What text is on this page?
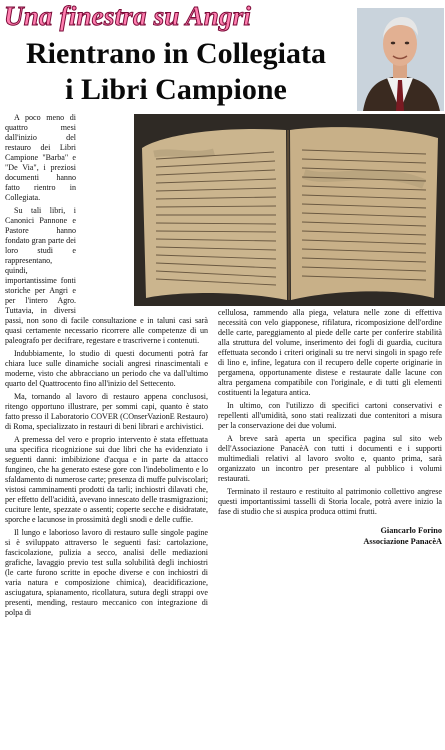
Una finestra su Angri
Rientrano in Collegiata
i Libri Campione

A poco meno di quattro mesi dall'inizio del restauro dei Libri Campione "Barba" e "De Via", i preziosi documenti hanno fatto rientro in Collegiata.

Su tali libri, i Canonici Pannone e Pastore hanno fondato gran parte dei loro studi e rappresentano, quindi, importantissime fonti storiche per Angri e per l'intero Agro. Tuttavia, in diversi passi, non sono di facile consultazione e in taluni casi sarà quasi certamente necessario ricorrere alle competenze di un paleografo per decifrare, regestare e trascriverne i contenuti.

Indubbiamente, lo studio di questi documenti potrà far chiara luce sulle dinamiche sociali angresi rinascimentali e moderne, visto che abbracciano un periodo che va dall'ultimo quarto del Quattrocento fino all'inizio del Settecento.

Ma, tornando al lavoro di restauro appena conclusosi, ritengo opportuno illustrare, per sommi capi, quanto è stato fatto presso il Laboratorio COVER (COnserVazionE Restauro) di Roma, specializzato in restauri di beni librari e archivistici.

A premessa del vero e proprio intervento è stata effettuata una specifica ricognizione sui due libri che ha evidenziato i seguenti danni: imbibizione d'acqua e in parte da attacco fungineo, che ha generato estese gore con l'indebolimento e lo sfaldamento di numerose carte; presenza di muffe pulviscolari; vistosi camminamenti prodotti da tarli; inchiostri dilavati che, per effetto dell'acidità, avevano innescato delle trasmigrazioni; cuciture lente, spezzate o assenti; coperte secche e disidratate, sporche e lacunose in prossimità degli snodi e delle cuffie.

Il lungo e laborioso lavoro di restauro sulle singole pagine si è sviluppato attraverso le seguenti fasi: cartolazione, fascicolazione, pulizia a secco, analisi delle mediazioni grafiche, lavaggio previo test sulla solubilità degli inchiostri (le carte furono scritte in epoche diverse e con inchiostri di varia natura e composizione chimica), deacidificazione, asciugatura, spianamento, ricollatura, sutura degli strappi ove presenti, mending, restauro meccanico con integrazione di polpa di

cellulosa, rammendo alla piega, velatura nelle zone di effettiva necessità con velo giapponese, rifilatura, ricomposizione dell'ordine delle carte, pareggiamento al piede delle carte per conferire stabilità alla struttura del volume, inserimento dei fogli di guardia, cucitura effettuata secondo i criteri originali su tre nervi singoli in spago refe di lino e, infine, legatura con il recupero delle coperte originarie in pergamena, opportunamente distese e restaurate dalle lacune con altra pergamena compatibile con l'originale, e di tutti gli elementi costituenti la legatura antica.

In ultimo, con l'utilizzo di specifici cartoni conservativi e repellenti all'umidità, sono stati realizzati due contenitori a misura per la conservazione dei due volumi.

A breve sarà aperta un specifica pagina sul sito web dell'Associazione PanacèA con tutti i documenti e i supporti multimediali relativi al lavoro svolto e, quanto prima, sarà organizzato un incontro per presentare al pubblico i volumi restaurati.

Terminato il restauro e restituito al patrimonio collettivo angrese questi importantissimi tasselli di Storia locale, potrà avere inizio la fase di studio che si auspica produca ottimi frutti.

Giancarlo Forino
Associazione PanacèA
